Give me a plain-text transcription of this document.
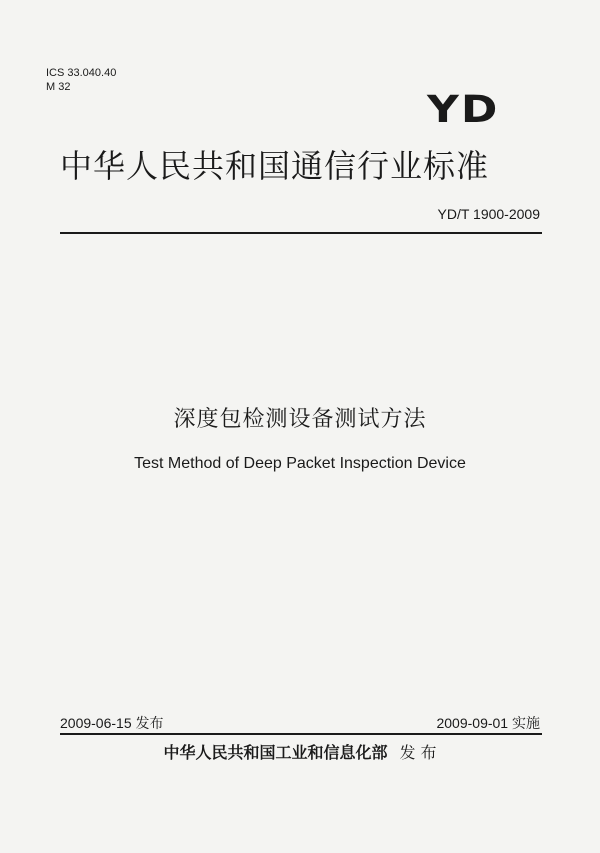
ICS 33.040.40
M 32
YD
中华人民共和国通信行业标准
YD/T 1900-2009
深度包检测设备测试方法
Test Method of Deep Packet Inspection Device
2009-06-15 发布	2009-09-01 实施
中华人民共和国工业和信息化部 发 布
